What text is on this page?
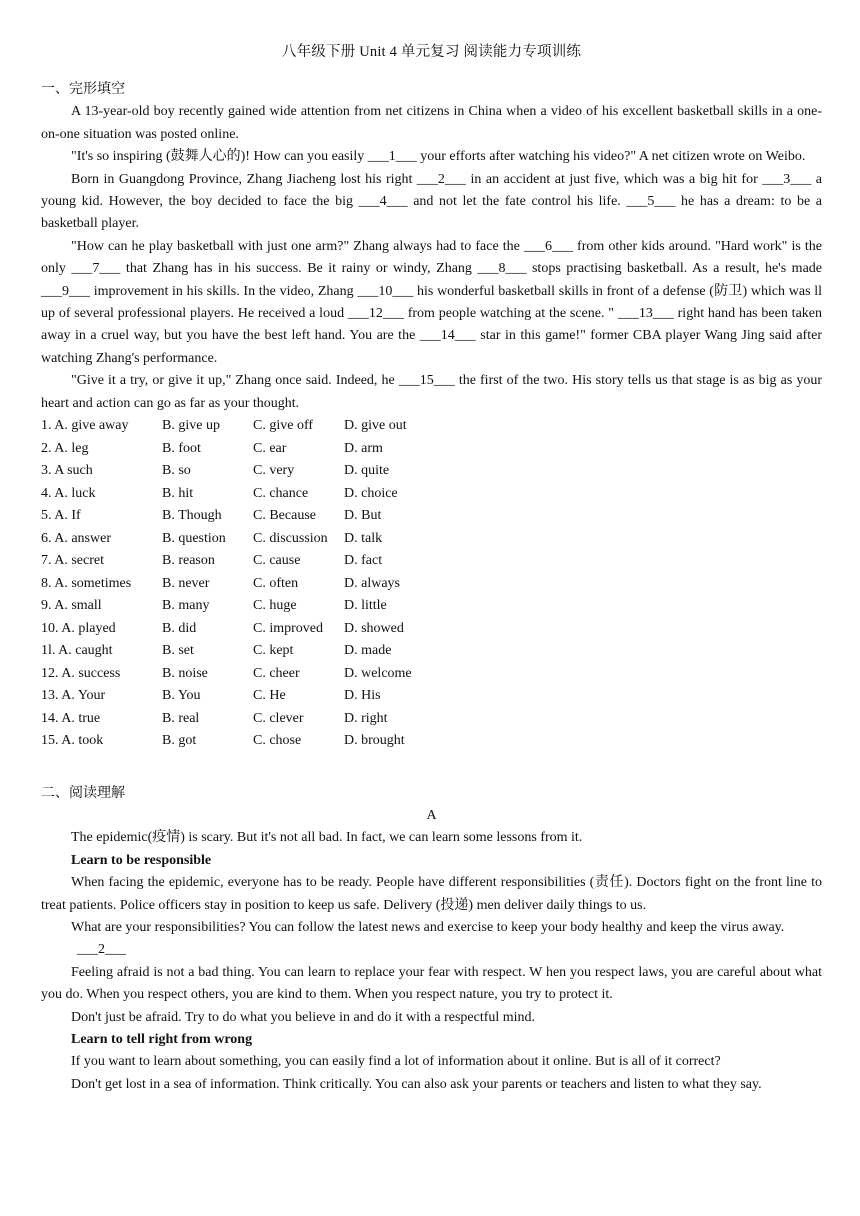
八年级下册 Unit 4 单元复习 阅读能力专项训练
一、完形填空

A 13-year-old boy recently gained wide attention from net citizens in China when a video of his excellent basketball skills in a one-on-one situation was posted online.

"It's so inspiring (鼓舞人心的)! How can you easily ___1___ your efforts after watching his video?" A net citizen wrote on Weibo.

Born in Guangdong Province, Zhang Jiacheng lost his right ___2___ in an accident at just five, which was a big hit for ___3___ a young kid. However, the boy decided to face the big ___4___ and not let the fate control his life. ___5___ he has a dream: to be a basketball player.

"How can he play basketball with just one arm?" Zhang always had to face the ___6___ from other kids around. "Hard work" is the only ___7___ that Zhang has in his success. Be it rainy or windy, Zhang ___8___ stops practising basketball. As a result, he's made ___9___ improvement in his skills. In the video, Zhang ___10___ his wonderful basketball skills in front of a defense (防卫) which was ll up of several professional players. He received a loud ___12___ from people watching at the scene. " ___13___ right hand has been taken away in a cruel way, but you have the best left hand. You are the ___14___ star in this game!" former CBA player Wang Jing said after watching Zhang's performance.

"Give it a try, or give it up," Zhang once said. Indeed, he ___15___ the first of the two. His story tells us that stage is as big as your heart and action can go as far as your thought.

1. A. give away	B. give up	C. give off	D. give out
2. A. leg	B. foot	C. ear	D. arm
3. A such	B. so	C. very	D. quite
4. A. luck	B. hit	C. chance	D. choice
5. A. If	B. Though	C. Because	D. But
6. A. answer	B. question	C. discussion	D. talk
7. A. secret	B. reason	C. cause	D. fact
8. A. sometimes	B. never	C. often	D. always
9. A. small	B. many	C. huge	D. little
10. A. played	B. did	C. improved	D. showed
1l. A. caught	B. set	C. kept	D. made
12. A. success	B. noise	C. cheer	D. welcome
13. A. Your	B. You	C. He	D. His
14. A. true	B. real	C. clever	D. right
15. A. took	B. got	C. chose	D. brought
二、阅读理解

A

The epidemic(疫情) is scary. But it's not all bad. In fact, we can learn some lessons from it.

Learn to be responsible

When facing the epidemic, everyone has to be ready. People have different responsibilities (责任). Doctors fight on the front line to treat patients. Police officers stay in position to keep us safe. Delivery (投递) men deliver daily things to us.

What are your responsibilities? You can follow the latest news and exercise to keep your body healthy and keep the virus away.

___2___

Feeling afraid is not a bad thing. You can learn to replace your fear with respect. W hen you respect laws, you are careful about what you do. When you respect others, you are kind to them. When you respect nature, you try to protect it.

Don't just be afraid. Try to do what you believe in and do it with a respectful mind.

Learn to tell right from wrong

If you want to learn about something, you can easily find a lot of information about it online. But is all of it correct?

Don't get lost in a sea of information. Think critically. You can also ask your parents or teachers and listen to what they say.
